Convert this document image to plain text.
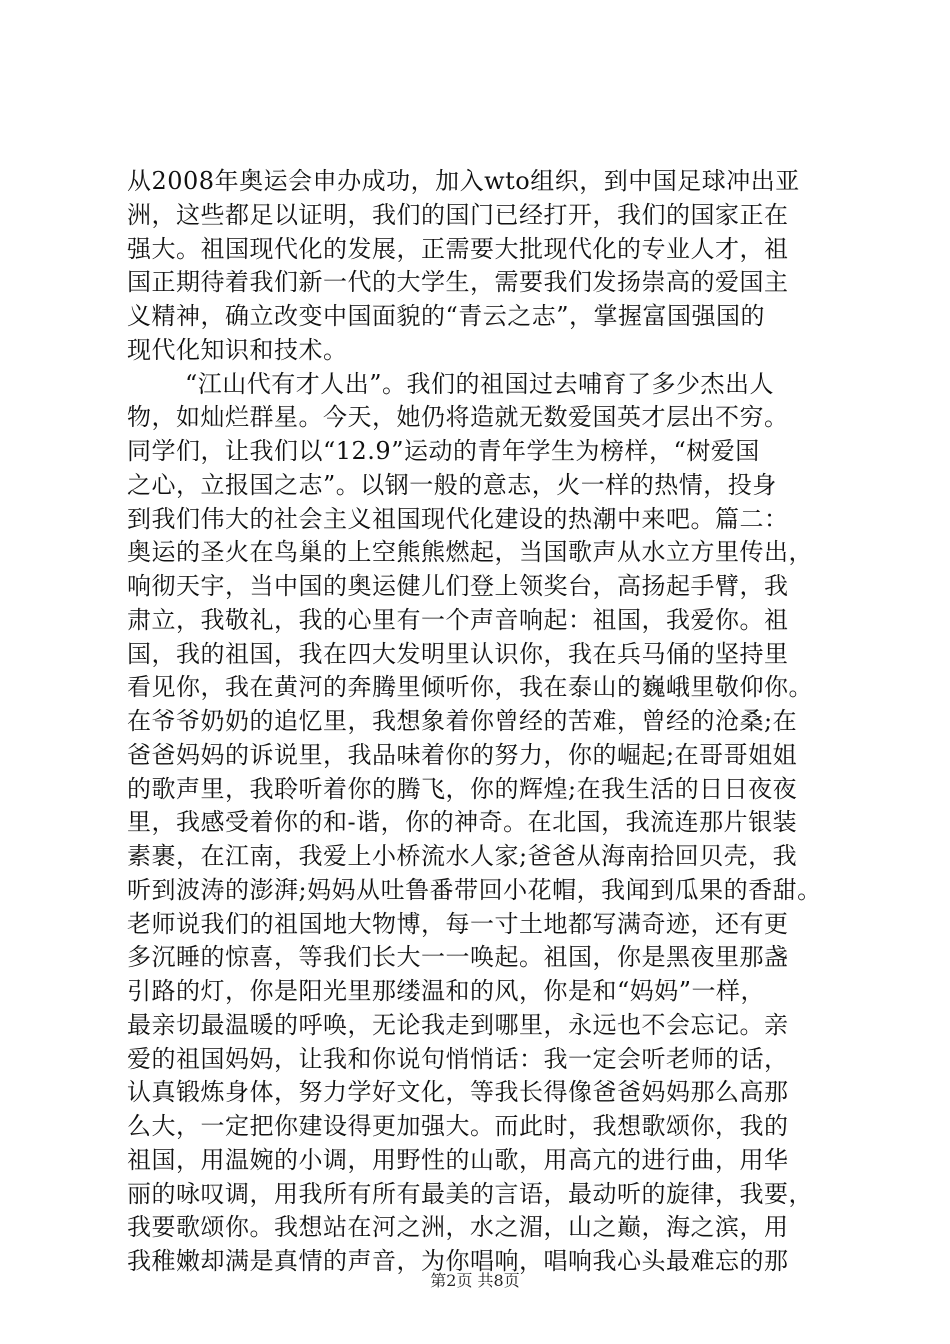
从2008年奥运会申办成功，加入wto组织，到中国足球冲出亚
洲，这些都足以证明，我们的国门已经打开，我们的国家正在
强大。祖国现代化的发展，正需要大批现代化的专业人才，祖
国正期待着我们新一代的大学生，需要我们发扬崇高的爱国主
义精神，确立改变中国面貌的“青云之志”，掌握富国强国的
现代化知识和技术。
“江山代有才人出”。我们的祖国过去哺育了多少杰出人
物，如灿烂群星。今天，她仍将造就无数爱国英才层出不穷。
同学们，让我们以“12.9”运动的青年学生为榜样，“树爱国
之心，立报国之志”。以钢一般的意志，火一样的热情，投身
到我们伟大的社会主义祖国现代化建设的热潮中来吧。篇二：
奥运的圣火在鸟巢的上空熊熊燃起，当国歌声从水立方里传出，
响彻天宇，当中国的奥运健儿们登上领奖台，高扬起手臂，我
肃立，我敬礼，我的心里有一个声音响起：祖国，我爱你。祖
国，我的祖国，我在四大发明里认识你，我在兵马俑的坚持里
看见你，我在黄河的奔腾里倾听你，我在泰山的巍峨里敬仰你。
在爷爷奶奶的追忆里，我想象着你曾经的苦难，曾经的沧桑;在
爸爸妈妈的诉说里，我品味着你的努力，你的崛起;在哥哥姐姐
的歌声里，我聆听着你的腾飞，你的辉煌;在我生活的日日夜夜
里，我感受着你的和-谐，你的神奇。在北国，我流连那片银装
素裹，在江南，我爱上小桥流水人家;爸爸从海南拾回贝壳，我
听到波涛的澎湃;妈妈从吐鲁番带回小花帽，我闻到瓜果的香甜。
老师说我们的祖国地大物博，每一寸土地都写满奇迹，还有更
多沉睡的惊喜，等我们长大一一唤起。祖国，你是黑夜里那盏
引路的灯，你是阳光里那缕温和的风，你是和“妈妈”一样，
最亲切最温暖的呼唤，无论我走到哪里，永远也不会忘记。亲
爱的祖国妈妈，让我和你说句悄悄话：我一定会听老师的话，
认真锻炼身体，努力学好文化，等我长得像爸爸妈妈那么高那
么大，一定把你建设得更加强大。而此时，我想歌颂你，我的
祖国，用温婉的小调，用野性的山歌，用高亢的进行曲，用华
丽的咏叹调，用我所有所有最美的言语，最动听的旋律，我要，
我要歌颂你。我想站在河之洲，水之湄，山之巅，海之滨，用
我稚嫩却满是真情的声音，为你唱响，唱响我心头最难忘的那
第2页 共8页
